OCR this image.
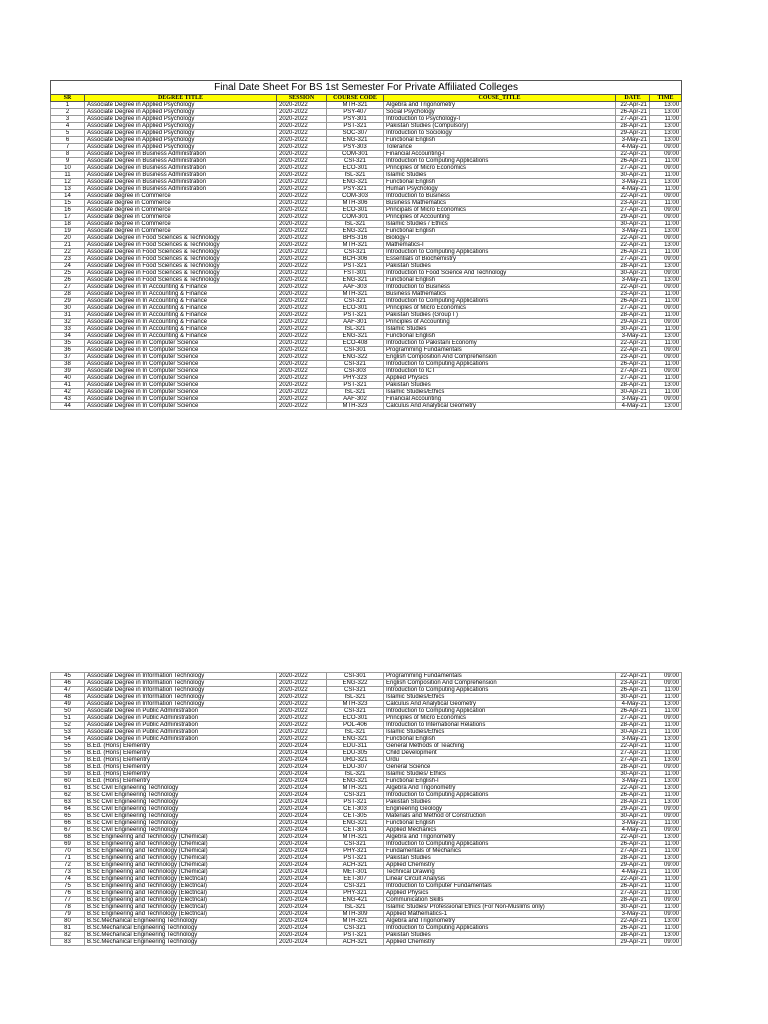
Final Date Sheet For BS 1st Semester For Private Affiliated Colleges						
SR	DEGREE TITLE	SESSION	COURSE CODE	COUSE_TITLE	DATE	TIME
1	Associate Degree in Applied Psychology	2020-2022	MTH-321	Algebra and Trigonometry	22-Apr-21	13:00
2	Associate Degree in Applied Psychology	2020-2022	PSY-407	Social Psychology	26-Apr-21	13:00
3	Associate Degree in Applied Psychology	2020-2022	PSY-301	Introduction to Psychology-I	27-Apr-21	11:00
4	Associate Degree in Applied Psychology	2020-2022	PST-321	Pakistan Studies (Compulsory)	28-Apr-21	13:00
5	Associate Degree in Applied Psychology	2020-2022	SOC-307	Introduction to Sociology	29-Apr-21	13:00
6	Associate Degree in Applied Psychology	2020-2022	ENG-321	Functional English	3-May-21	13:00
7	Associate Degree in Applied Psychology	2020-2022	PSY-303	Tolerance	4-May-21	09:00
8	Associate Degree in Business Administration	2020-2022	COM-301	Financial Accounting-I	22-Apr-21	09:00
9	Associate Degree in Business Administration	2020-2022	CSI-321	Introduction to Computing Applications	26-Apr-21	11:00
10	Associate Degree in Business Administration	2020-2022	ECO-301	Principles of Micro Economics	27-Apr-21	09:00
11	Associate Degree in Business Administration	2020-2022	ISL-321	Islamic Studies	30-Apr-21	11:00
12	Associate Degree in Business Administration	2020-2022	ENG-321	Functional English	3-May-21	13:00
13	Associate Degree in Business Administration	2020-2022	PSY-321	Human Psychology	4-May-21	11:00
14	Associate degree in Commerce	2020-2022	COM-303	Introduction to Business	22-Apr-21	09:00
15	Associate degree in Commerce	2020-2022	MTH-306	Business Mathematics	23-Apr-21	11:00
16	Associate degree in Commerce	2020-2022	ECO-301	Principals of Micro Economics	27-Apr-21	09:00
17	Associate degree in Commerce	2020-2022	COM-301	Principles of Accounting	29-Apr-21	09:00
18	Associate degree in Commerce	2020-2022	ISL-321	Islamic Studies / Ethics	30-Apr-21	11:00
19	Associate degree in Commerce	2020-2022	ENG-321	Functional English	3-May-21	13:00
20	Associate Degree in Food Sciences & Technology	2020-2022	BHS-316	Biology-I	22-Apr-21	09:00
21	Associate Degree in Food Sciences & Technology	2020-2022	MTH-321	Mathematics-I	22-Apr-21	13:00
22	Associate Degree in Food Sciences & Technology	2020-2022	CSI-321	Introduction to Computing Applications	26-Apr-21	11:00
23	Associate Degree in Food Sciences & Technology	2020-2022	BCH-306	Essentials of Biochemistry	27-Apr-21	09:00
24	Associate Degree in Food Sciences & Technology	2020-2022	PST-321	Pakistan Studies	28-Apr-21	13:00
25	Associate Degree in Food Sciences & Technology	2020-2022	FST-301	Introduction to Food Science And Technology	30-Apr-21	09:00
26	Associate Degree in Food Sciences & Technology	2020-2022	ENG-321	Functional English	3-May-21	13:00
27	Associate Degree in In Accounting & Finance	2020-2022	AAF-303	Introduction to Business	22-Apr-21	09:00
28	Associate Degree in In Accounting & Finance	2020-2022	MTH-321	Business Mathematics	23-Apr-21	11:00
29	Associate Degree in In Accounting & Finance	2020-2022	CSI-321	Introduction to Computing Applications	26-Apr-21	11:00
30	Associate Degree in In Accounting & Finance	2020-2022	ECO-301	Principles of Micro Economics	27-Apr-21	09:00
31	Associate Degree in In Accounting & Finance	2020-2022	PST-321	Pakistan Studies (Group I )	28-Apr-21	11:00
32	Associate Degree in In Accounting & Finance	2020-2022	AAF-301	Principles of Accounting	29-Apr-21	09:00
33	Associate Degree in In Accounting & Finance	2020-2022	ISL-321	Islamic Studies	30-Apr-21	11:00
34	Associate Degree in In Accounting & Finance	2020-2022	ENG-321	Functional English	3-May-21	13:00
35	Associate Degree in In Computer Science	2020-2022	ECO-408	Introduction to Pakistani Economy	22-Apr-21	11:00
36	Associate Degree in In Computer Science	2020-2022	CSI-301	Programming Fundamentals	22-Apr-21	09:00
37	Associate Degree in In Computer Science	2020-2022	ENG-322	English Composition And Comprehension	23-Apr-21	09:00
38	Associate Degree in In Computer Science	2020-2022	CSI-321	Introduction to Computing Applications	26-Apr-21	11:00
39	Associate Degree in In Computer Science	2020-2022	CSI-303	Introduction to ICT	27-Apr-21	09:00
40	Associate Degree in In Computer Science	2020-2022	PHY-323	Applied Physics	27-Apr-21	11:00
41	Associate Degree in In Computer Science	2020-2022	PST-321	Pakistan Studies	28-Apr-21	13:00
42	Associate Degree in In Computer Science	2020-2022	ISL-321	Islamic Studies/Ethics	30-Apr-21	11:00
43	Associate Degree in In Computer Science	2020-2022	AAF-302	Financial Accounting	3-May-21	09:00
44	Associate Degree in In Computer Science	2020-2022	MTH-323	Calculus And Analytical Geometry	4-May-21	13:00
45	Associate Degree in Information Technology	2020-2022	CSI-301	Programming Fundamentals	22-Apr-21	09:00
46	Associate Degree in Information Technology	2020-2022	ENG-322	English Composition And Comprehension	23-Apr-21	09:00
47	Associate Degree in Information Technology	2020-2022	CSI-321	Introduction to Computing Applications	26-Apr-21	11:00
48	Associate Degree in Information Technology	2020-2022	ISL-321	Islamic Studies/Ethics	30-Apr-21	11:00
49	Associate Degree in Information Technology	2020-2022	MTH-323	Calculus And Analytical Geometry	4-May-21	13:00
50	Associate Degree in Public Administration	2020-2022	CSI-321	Introduction to Computing Application	26-Apr-21	11:00
51	Associate Degree in Public Administration	2020-2022	ECO-301	Principles of Micro Economics	27-Apr-21	09:00
52	Associate Degree in Public Administration	2020-2022	POL-406	Introduction to International Relations	28-Apr-21	11:00
53	Associate Degree in Public Administration	2020-2022	ISL-321	Islamic Studies/Ethics	30-Apr-21	11:00
54	Associate Degree in Public Administration	2020-2022	ENG-321	Functional English	3-May-21	13:00
55	B.Ed. (Hons) Elementry	2020-2024	EDU-311	General Methods of Teaching	22-Apr-21	11:00
56	B.Ed. (Hons) Elementry	2020-2024	EDU-305	Child Development	27-Apr-21	11:00
57	B.Ed. (Hons) Elementry	2020-2024	URD-321	Urdu	27-Apr-21	13:00
58	B.Ed. (Hons) Elementry	2020-2024	EDU-307	General Science	28-Apr-21	09:00
59	B.Ed. (Hons) Elementry	2020-2024	ISL-321	Islamic Studies/ Ethics	30-Apr-21	11:00
60	B.Ed. (Hons) Elementry	2020-2024	ENG-321	Functional English-I	3-May-21	13:00
61	B.Sc Civil Engineering Technology	2020-2024	MTH-321	Algebra And Trigonometry	22-Apr-21	13:00
62	B.Sc Civil Engineering Technology	2020-2024	CSI-321	Introduction to Computing Applications	26-Apr-21	11:00
63	B.Sc Civil Engineering Technology	2020-2024	PST-321	Pakistan Studies	28-Apr-21	13:00
64	B.Sc Civil Engineering Technology	2020-2024	CET-303	Engineering Geology	29-Apr-21	09:00
65	B.Sc Civil Engineering Technology	2020-2024	CET-305	Materials and Method of Construction	30-Apr-21	09:00
66	B.Sc Civil Engineering Technology	2020-2024	ENG-321	Functional English	3-May-21	11:00
67	B.Sc Civil Engineering Technology	2020-2024	CET-301	Applied Mechanics	4-May-21	09:00
68	B.Sc Engineering and Technology (Chemical)	2020-2024	MTH-321	Algebra and Trigonometry	22-Apr-21	13:00
69	B.Sc Engineering and Technology (Chemical)	2020-2024	CSI-321	Introduction to Computing Applications	26-Apr-21	11:00
70	B.Sc Engineering and Technology (Chemical)	2020-2024	PHY-321	Fundamentals of Mechanics	27-Apr-21	11:00
71	B.Sc Engineering and Technology (Chemical)	2020-2024	PST-321	Pakistan Studies	28-Apr-21	13:00
72	B.Sc Engineering and Technology (Chemical)	2020-2024	ACH-321	Applied Chemistry	29-Apr-21	09:00
73	B.Sc Engineering and Technology (Chemical)	2020-2024	MET-301	Technical Drawing	4-May-21	11:00
74	B.Sc Engineering and Technology (Electrical)	2020-2024	EET-307	Linear Circuit Analysis	22-Apr-21	11:00
75	B.Sc Engineering and Technology (Electrical)	2020-2024	CSI-321	Introduction to Computer Fundamentals	26-Apr-21	11:00
76	B.Sc Engineering and Technology (Electrical)	2020-2024	PHY-321	Applied Physics	27-Apr-21	11:00
77	B.Sc Engineering and Technology (Electrical)	2020-2024	ENG-421	Communication Skills	28-Apr-21	09:00
78	B.Sc Engineering and Technology (Electrical)	2020-2024	ISL-321	Islamic Studies/ Professional Ethics (For Non-Muslims only)	30-Apr-21	11:00
79	B.Sc Engineering and Technology (Electrical)	2020-2024	MTH-309	Applied Mathematics-1	3-May-21	09:00
80	B.Sc.Mechanical Engineering Technology	2020-2024	MTH-321	Algebra and Trigonometry	22-Apr-21	13:00
81	B.Sc.Mechanical Engineering Technology	2020-2024	CSI-321	Introduction to Computing Applications	26-Apr-21	11:00
82	B.Sc.Mechanical Engineering Technology	2020-2024	PST-321	Pakistan Studies	28-Apr-21	13:00
83	B.Sc.Mechanical Engineering Technology	2020-2024	ACH-321	Applied Chemistry	29-Apr-21	09:00
